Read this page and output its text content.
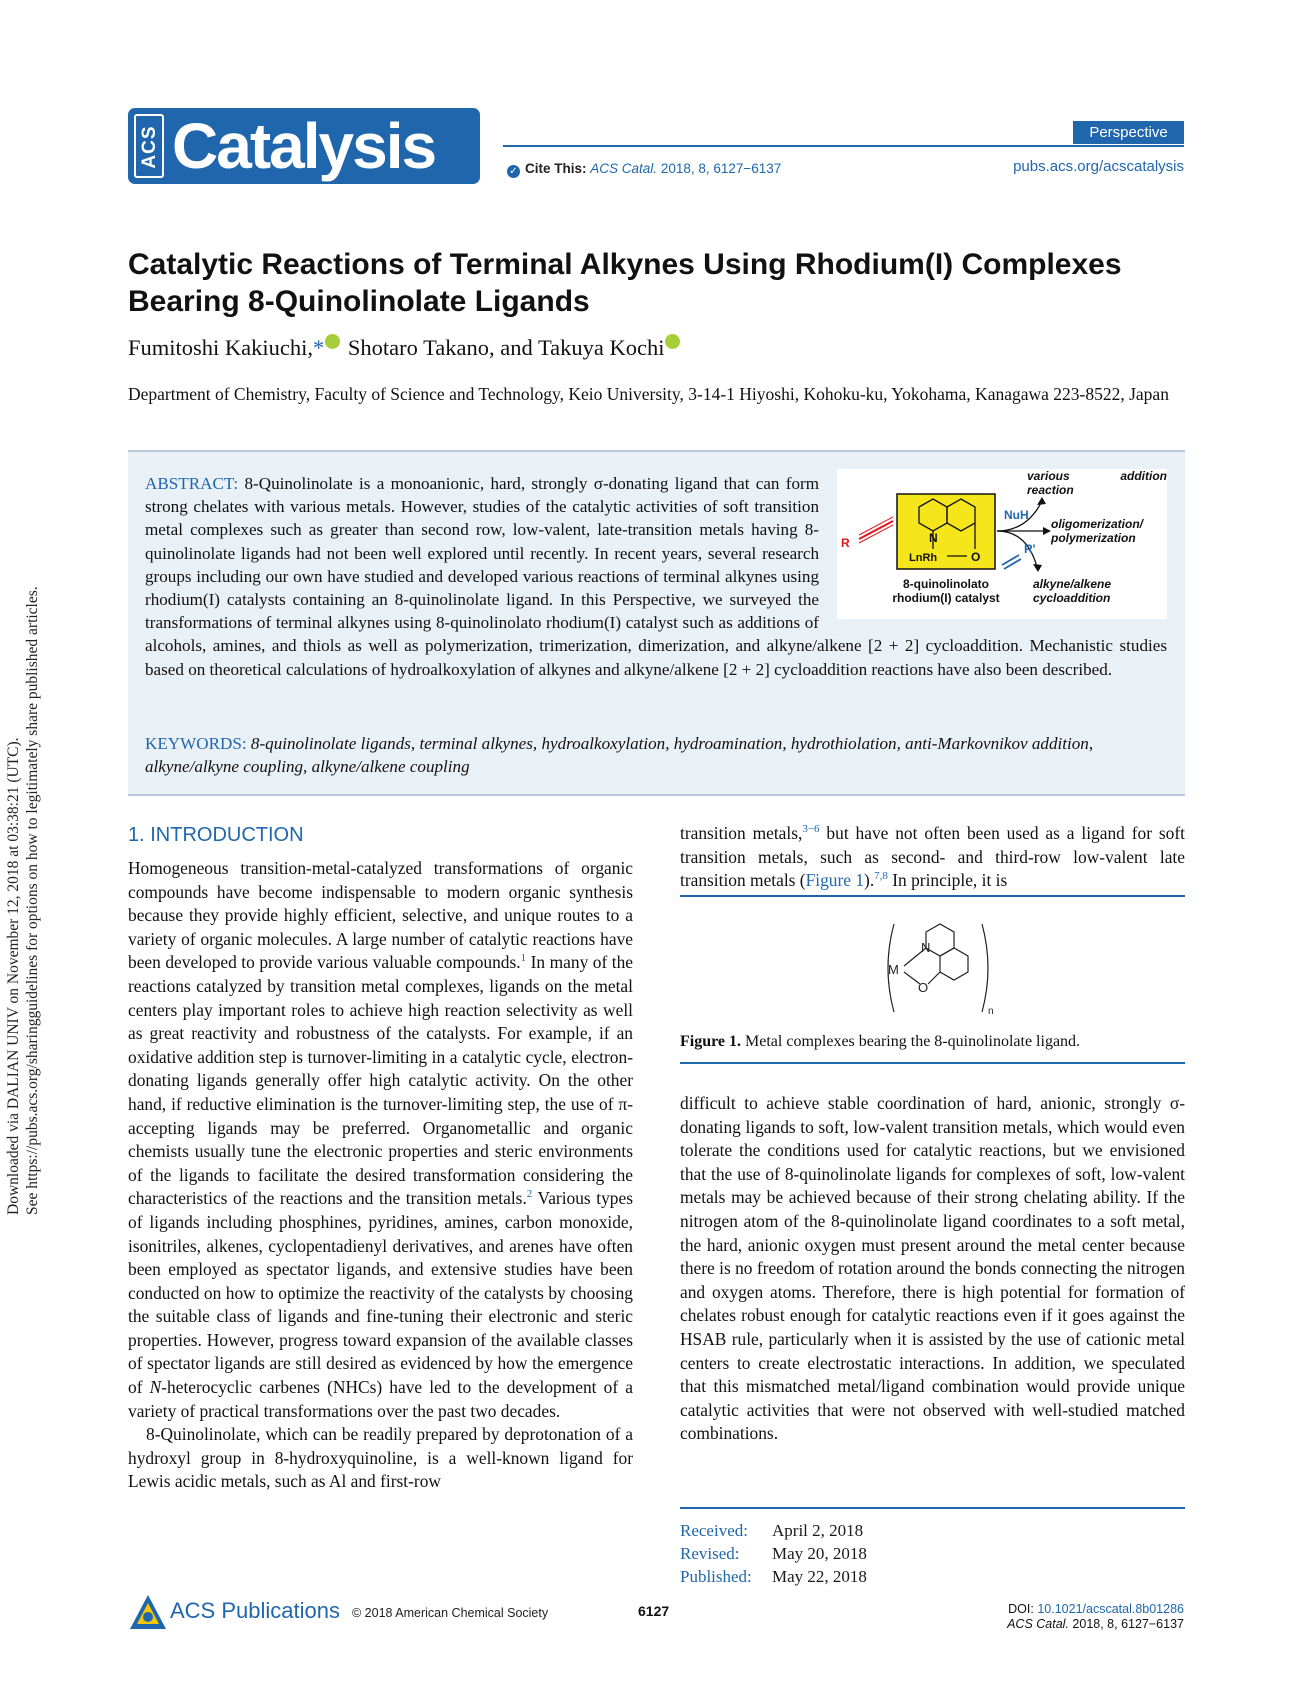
Downloaded via DALIAN UNIV on November 12, 2018 at 03:38:21 (UTC). See https://pubs.acs.org/sharingguidelines for options on how to legitimately share published articles.
ACS Catalysis	Perspective
✓ Cite This: ACS Catal. 2018, 8, 6127−6137	pubs.acs.org/acscatalysis
Catalytic Reactions of Terminal Alkynes Using Rhodium(I) Complexes Bearing 8-Quinolinolate Ligands
Fumitoshi Kakiuchi,* Shotaro Takano, and Takuya Kochi
Department of Chemistry, Faculty of Science and Technology, Keio University, 3-14-1 Hiyoshi, Kohoku-ku, Yokohama, Kanagawa 223-8522, Japan
R	N
O
LnRh
NuH
R'
various addition reaction
oligomerization/ polymerization
alkyne/alkene cycloaddition
8-quinolinolato rhodium(I) catalyst
ABSTRACT: 8-Quinolinolate is a monoanionic, hard, strongly σ-donating ligand that can form strong chelates with various metals. However, studies of the catalytic activities of soft transition metal complexes such as greater than second row, low-valent, late-transition metals having 8-quinolinolate ligands had not been well explored until recently. In recent years, several research groups including our own have studied and developed various reactions of terminal alkynes using rhodium(I) catalysts containing an 8-quinolinolate ligand. In this Perspective, we surveyed the transformations of terminal alkynes using 8-quinolinolato rhodium(I) catalyst such as additions of alcohols, amines, and thiols as well as polymerization, trimerization, dimerization, and alkyne/alkene [2 + 2] cycloaddition. Mechanistic studies based on theoretical calculations of hydroalkoxylation of alkynes and alkyne/alkene [2 + 2] cycloaddition reactions have also been described.
KEYWORDS: 8-quinolinolate ligands, terminal alkynes, hydroalkoxylation, hydroamination, hydrothiolation, anti-Markovnikov addition, alkyne/alkyne coupling, alkyne/alkene coupling
1. INTRODUCTION

Homogeneous transition-metal-catalyzed transformations of organic compounds have become indispensable to modern organic synthesis because they provide highly efficient, selective, and unique routes to a variety of organic molecules. A large number of catalytic reactions have been developed to provide various valuable compounds.$^1$ In many of the reactions catalyzed by transition metal complexes, ligands on the metal centers play important roles to achieve high reaction selectivity as well as great reactivity and robustness of the catalysts. For example, if an oxidative addition step is turnover-limiting in a catalytic cycle, electron-donating ligands generally offer high catalytic activity. On the other hand, if reductive elimination is the turnover-limiting step, the use of π-accepting ligands may be preferred. Organometallic and organic chemists usually tune the electronic properties and steric environments of the ligands to facilitate the desired transformation considering the characteristics of the reactions and the transition metals.$^2$ Various types of ligands including phosphines, pyridines, amines, carbon monoxide, isonitriles, alkenes, cyclopentadienyl derivatives, and arenes have often been employed as spectator ligands, and extensive studies have been conducted on how to optimize the reactivity of the catalysts by choosing the suitable class of ligands and fine-tuning their electronic and steric properties. However, progress toward expansion of the available classes of spectator ligands are still desired as evidenced by how the emergence of N-heterocyclic carbenes (NHCs) have led to the development of a variety of practical transformations over the past two decades.

8-Quinolinolate, which can be readily prepared by deprotonation of a hydroxyl group in 8-hydroxyquinoline, is a well-known ligand for Lewis acidic metals, such as Al and first-row

transition metals,$^{3-6}$ but have not often been used as a ligand for soft transition metals, such as second- and third-row low-valent late transition metals (Figure 1).$^{7,8}$ In principle, it is

M
N
O
n
Figure 1. Metal complexes bearing the 8-quinolinolate ligand.

difficult to achieve stable coordination of hard, anionic, strongly σ-donating ligands to soft, low-valent transition metals, which would even tolerate the conditions used for catalytic reactions, but we envisioned that the use of 8-quinolinolate ligands for complexes of soft, low-valent metals may be achieved because of their strong chelating ability. If the nitrogen atom of the 8-quinolinolate ligand coordinates to a soft metal, the hard, anionic oxygen must present around the metal center because there is no freedom of rotation around the bonds connecting the nitrogen and oxygen atoms. Therefore, there is high potential for formation of chelates robust enough for catalytic reactions even if it goes against the HSAB rule, particularly when it is assisted by the use of cationic metal centers to create electrostatic interactions. In addition, we speculated that this mismatched metal/ligand combination would provide unique catalytic activities that were not observed with well-studied matched combinations.

Received: April 2, 2018
Revised: May 20, 2018
Published: May 22, 2018
ACS Publications © 2018 American Chemical Society	6127	DOI: 10.1021/acscatal.8b01286
ACS Catal. 2018, 8, 6127−6137
